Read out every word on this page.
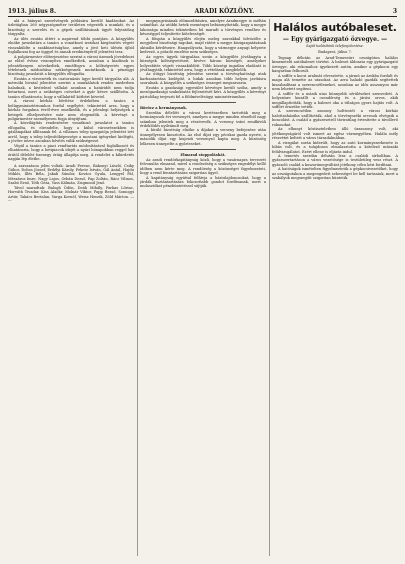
1913. július 8.	ARADI KÖZLÖNY.	3

alá a hiányzó szerelvények pótlására kerülő kiadásokat. Az üzletágban 260 négyszögméter területen végezték a munkát, és a bizottság a szerelés és a gépek szállításának ügyét folytatólag tárgyalta.

Az ülés ezután áttért a napirend többi pontjára. A közgyűlés elnöke javaslatára a tanács a vonatkozó iratokat kiegészítés végett visszaküldte a szakbizottsághoz, amely a jövő heti ülésén újból foglalkozni fog az üggyel és annak eredményéről jelentést tesz.

A polgármester előterjesztése szerint a városi üzemek jövedelmei az előző évhez viszonyítva emelkedtek, azonban a kiadások is jelentékenyen növekedtek, ennélfogva a költségvetés egyes tételeinek módosítása szükségesnek mutatkozik. A pénzügyi bizottság javaslatát a közgyűlés elfogadta.

Ezután a vízvezeték és csatornázás ügye került tárgyalás alá. A mérnöki hivatal jelentése szerint a munkálatok rendes mederben haladnak, a kivitelező vállalat azonban a határidőt nem tudja betartani, mert a szükséges csöveket a gyár késve szállította. A tanács elhatározta, hogy a vállalattól kötbért követel.

A városi kórház bővítése érdekében a tanács a belügyminisztériumhoz fordul segélyért, tekintettel arra, hogy a kórház forgalma évről-évre emelkedik, és a jelenlegi helyiségek a betegek elhelyezésére már nem elegendők. A kérvényt a polgármester személyesen fogja átnyújtani.

A közvilágítás rendezésére vonatkozó javaslatot a tanács elfogadta, és elrendelte, hogy a külső városrészekben is gázlámpákat állítsanak fel. A villamos telep igazgatója jelentést tett arról, hogy a telep teljesítőképessége a mostani igényeket kielégíti, a jövőre nézve azonban bővítés válik szükségessé.

Végül a tanács a piaci rendtartás módosításával foglalkozott és elhatározta, hogy a hetipiacok idejét a nyári hónapokban reggel hat órától délelőtt tizenegy óráig állapítja meg. A rendelet a kihirdetés napján lép életbe.

A szavazáson jelen voltak: Aradi Ferenc, Bakonyi László, Csiky Gábor, Dobos József, Erdélyi Károly, Fekete István, Gál Antal, Hajdu Miklós, Illés Béla, Jakab Sándor, Kovács Gyula, Lengyel Pál, Mészáros Imre, Nagy Lajos, Orbán Dezső, Pap Zoltán, Rácz Vilmos, Szabó Ernő, Tóth Géza, Vass Kálmán, Zsigmond Jenő.

Távol maradtak: Balogh Ödön, Deák Mihály, Farkas Lőrinc, Horváth Tivadar, Kiss Aladár, Molnár Viktor, Papp Rezső, Somogyi Artúr, Takács Bertalan, Varga Kornél, Weisz Henrik, Zöld Márton. — ---

megnyugvásának előmozdítására, amelyre Aradmegye is méltán számíthat. Az utóbbi hetek eseményei bebizonyították, hogy a megye lakossága minden tekintetben hű maradt a törvényes rendhez és készséggel teljesítette kötelességét.

A főispán a közgyűlés elején meleg szavakkal üdvözölte a megjelent bizottsági tagokat, majd rátért a megye közigazgatásának aktuális kérdéseire. Hangsúlyozta, hogy a vármegye anyagi helyzete kedvező, a pótadó emelése nem szükséges.

Az egyes ügyek tárgyalása során a közgyűlés jóváhagyta a községek költségvetéseit, kivéve három községét, amelyeket helyesbítés végett visszaküldött. Több községi ingatlan eladását is jóváhagyták, tekintettel arra, hogy a vételárak megfelelők.

Az útügyi bizottság jelentése szerint a törvényhatósági utak karbantartása kielégítő, a hidak azonban több helyen javításra szorulnak. A közgyűlés a szükséges összeget megszavazta.

Ezután a gazdasági egyesület kérvénye került szóba, amely a mezőgazdasági szakoktatás fejlesztését kéri. A közgyűlés a kérvényt pártolólag terjeszti fel a földmívelésügyi minisztériumhoz.

Böröcz a hermányosok.

Szerdán délelőtt a városi kertészetben tartották meg a hermányosok évi versenyét, amelyen a megye minden részéből nagy számban jelentek meg a résztvevők. A verseny iránt rendkívüli érdeklődés nyilvánult meg.

A bíráló bizottság elnöke a díjakat a verseny befejezése után ünnepélyesen kiosztotta. Az első díjat egy pécskai gazda nyerte, a második díjat egy kisjenői versenyző kapta meg. A közönség lelkesen ünnepelte a győzteseket.

Elmarad stoppoláshát.

Az aradi rendőrkapitányság közli, hogy a vasárnapra tervezett felvonulás elmarad, mivel a rendezőség a szükséges engedélyt kellő időben nem kérte meg. A rendőrség a közönséget figyelmezteti, hogy a rend fenntartására szigorúan ügyel.

A kapitányság egyúttal felhívja a háztulajdonosokat, hogy a járdák tisztántartására fokozottabb gondot fordítsanak, mert a mulasztókat pénzbüntetéssel sújtják.

Halálos autóbaleset.
— Egy gyárigazgató özvegye. —
Saját tudósítónk telefonjelentése.
Budapest, július 7.

Tegnap délután az Arad-Temesvári országúton halálos kimenetelű autóbaleset történt. A baleset áldozata egy gyárigazgató özvegye, aki rokonaihoz igyekezett autón, amikor a gépkocsi egy kanyarban felborult.

A soffőr a kocsi uralmát elvesztette, a jármű az árokba fordult és maga alá temette az utasokat. Az arra haladó gazdák segítettek kiszabadítani a szerencsétleneket, azonban az idős asszonyon már nem lehetett segíteni.

A soffőr és a másik utas könnyebb sérüléseket szenvedett. A helyszínre kiszállt a csendőrség és a járási orvos, akik megállapították, hogy a baleset oka a túlságos gyors hajtás volt. A soffőrt őrizetbe vették.

A szerencsétlen asszony holttestét a városi kórház halottasházába szállították, ahol a törvényszéki orvosok elvégzik a boncolást. A család a gyászesetről táviratilag értesítette a távollevő rokonokat.

Az elhunyt köztiszteletben álló úrasszony volt, aki jótékonyságáról volt ismert az egész vármegyében. Halála mély részvétet keltett a város társadalmában.

A vizsgálat során kiderült, hogy az autó kormányszerkezete is hibás volt, és a tulajdonos elmulasztotta a kötelező műszaki felülvizsgálatot. Ezért ellene is eljárás indul.

A temetés szerdán délután lesz a családi sírboltban. A gyászszertartáson a város vezetősége is testületileg vesz részt. A gyászoló család a koszorúmegváltást jótékony célra kéri fordítani.

A hatóságok ismételten figyelmeztetik a gépkocsivezetőket, hogy az országutakon a megengedett sebességet be kell tartaniuk, mert a szabályok megszegőit szigorúan büntetik.
